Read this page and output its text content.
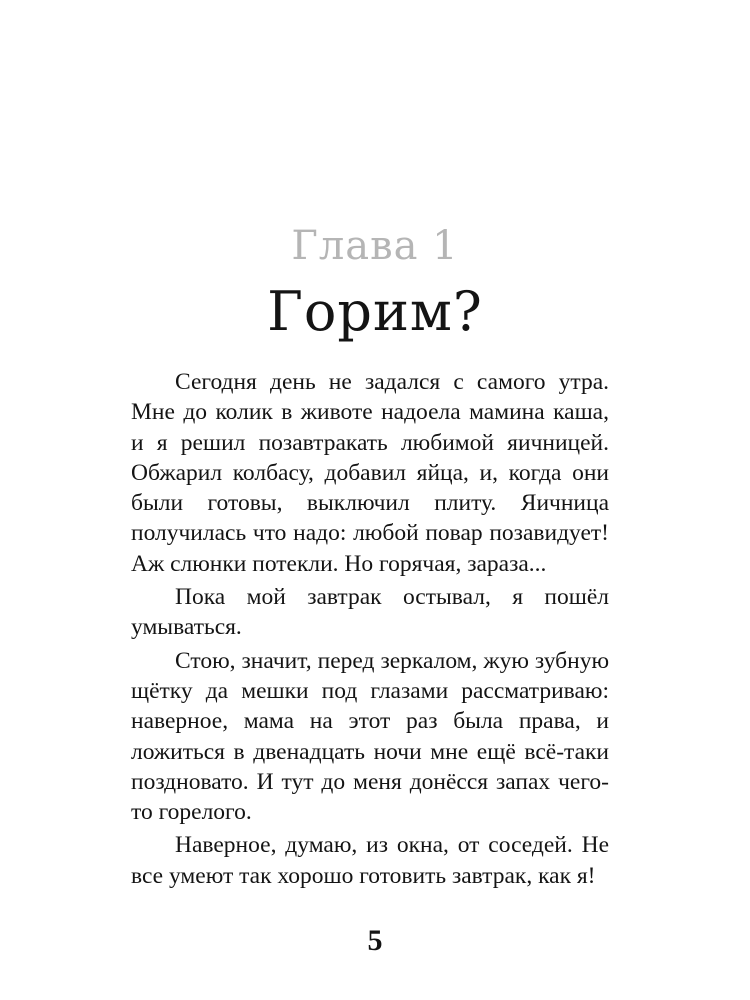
Глава 1
Горим?

Сегодня день не задался с самого утра. Мне до колик в животе надоела мамина каша, и я решил позавтракать любимой яичницей. Обжарил колбасу, добавил яйца, и, когда они были готовы, выключил плиту. Яичница получилась что надо: любой повар позавидует! Аж слюнки потекли. Но горячая, зараза...

Пока мой завтрак остывал, я пошёл умываться.

Стою, значит, перед зеркалом, жую зубную щётку да мешки под глазами рассматриваю: наверное, мама на этот раз была права, и ложиться в двенадцать ночи мне ещё всё-таки поздновато. И тут до меня донёсся запах чего-то горелого.

Наверное, думаю, из окна, от соседей. Не все умеют так хорошо готовить завтрак, как я!

5
